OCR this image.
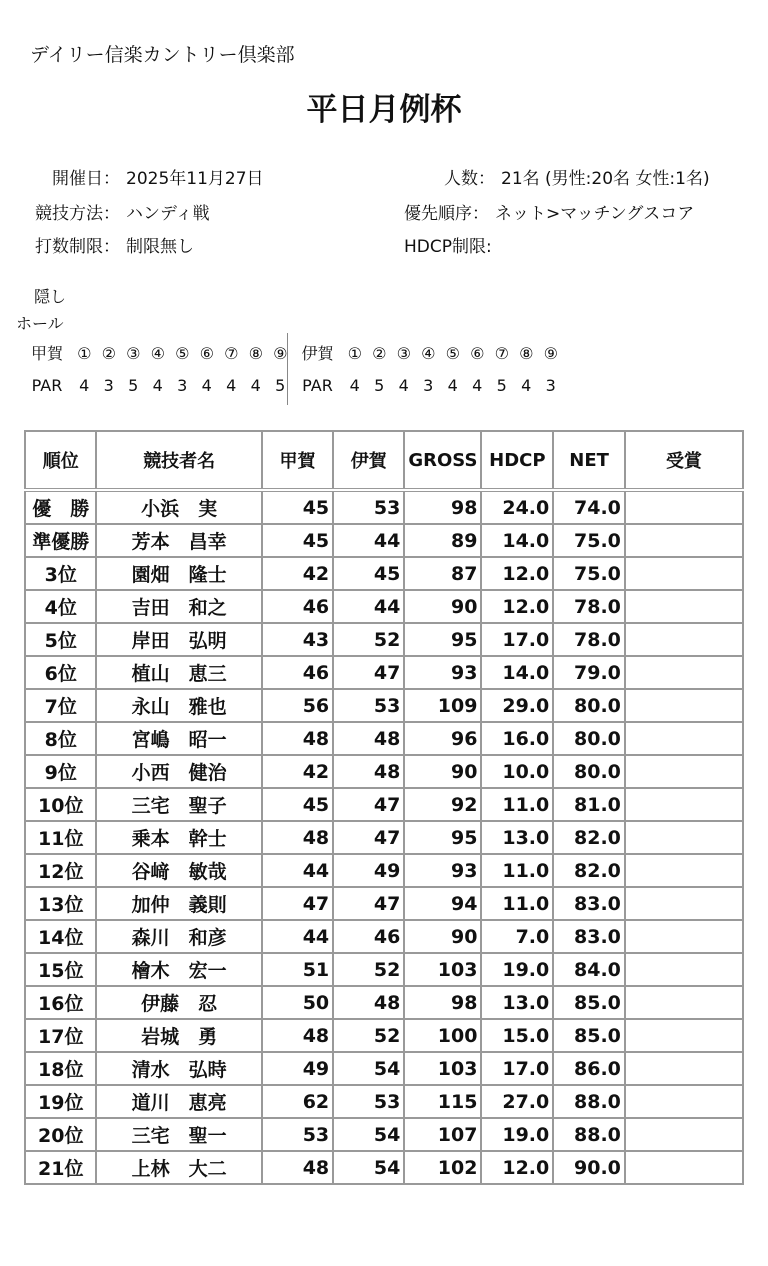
デイリー信楽カントリー倶楽部
平日月例杯
開催日： 2025年11月27日
競技方法： ハンディ戦
打数制限： 制限無し
人数： 21名 (男性:20名 女性:1名)
優先順序： ネット>マッチングスコア
HDCP制限:
隠し
ホール
甲賀 ① ② ③ ④ ⑤ ⑥ ⑦ ⑧ ⑨ 伊賀 ① ② ③ ④ ⑤ ⑥ ⑦ ⑧ ⑨
PAR 4 3 5 4 3 4 4 4 5 PAR 4 5 4 3 4 4 5 4 3
順位	競技者名	甲賀	伊賀	GROSS	HDCP	NET	受賞
優　勝	小浜　実	45	53	98	24.0	74.0	
準優勝	芳本　昌幸	45	44	89	14.0	75.0	
3位	園畑　隆士	42	45	87	12.0	75.0	
4位	吉田　和之	46	44	90	12.0	78.0	
5位	岸田　弘明	43	52	95	17.0	78.0	
6位	植山　恵三	46	47	93	14.0	79.0	
7位	永山　雅也	56	53	109	29.0	80.0	
8位	宮嶋　昭一	48	48	96	16.0	80.0	
9位	小西　健治	42	48	90	10.0	80.0	
10位	三宅　聖子	45	47	92	11.0	81.0	
11位	乗本　幹士	48	47	95	13.0	82.0	
12位	谷﨑　敏哉	44	49	93	11.0	82.0	
13位	加仲　義則	47	47	94	11.0	83.0	
14位	森川　和彦	44	46	90	7.0	83.0	
15位	檜木　宏一	51	52	103	19.0	84.0	
16位	伊藤　忍	50	48	98	13.0	85.0	
17位	岩城　勇	48	52	100	15.0	85.0	
18位	清水　弘時	49	54	103	17.0	86.0	
19位	道川　恵亮	62	53	115	27.0	88.0	
20位	三宅　聖一	53	54	107	19.0	88.0	
21位	上林　大二	48	54	102	12.0	90.0	
